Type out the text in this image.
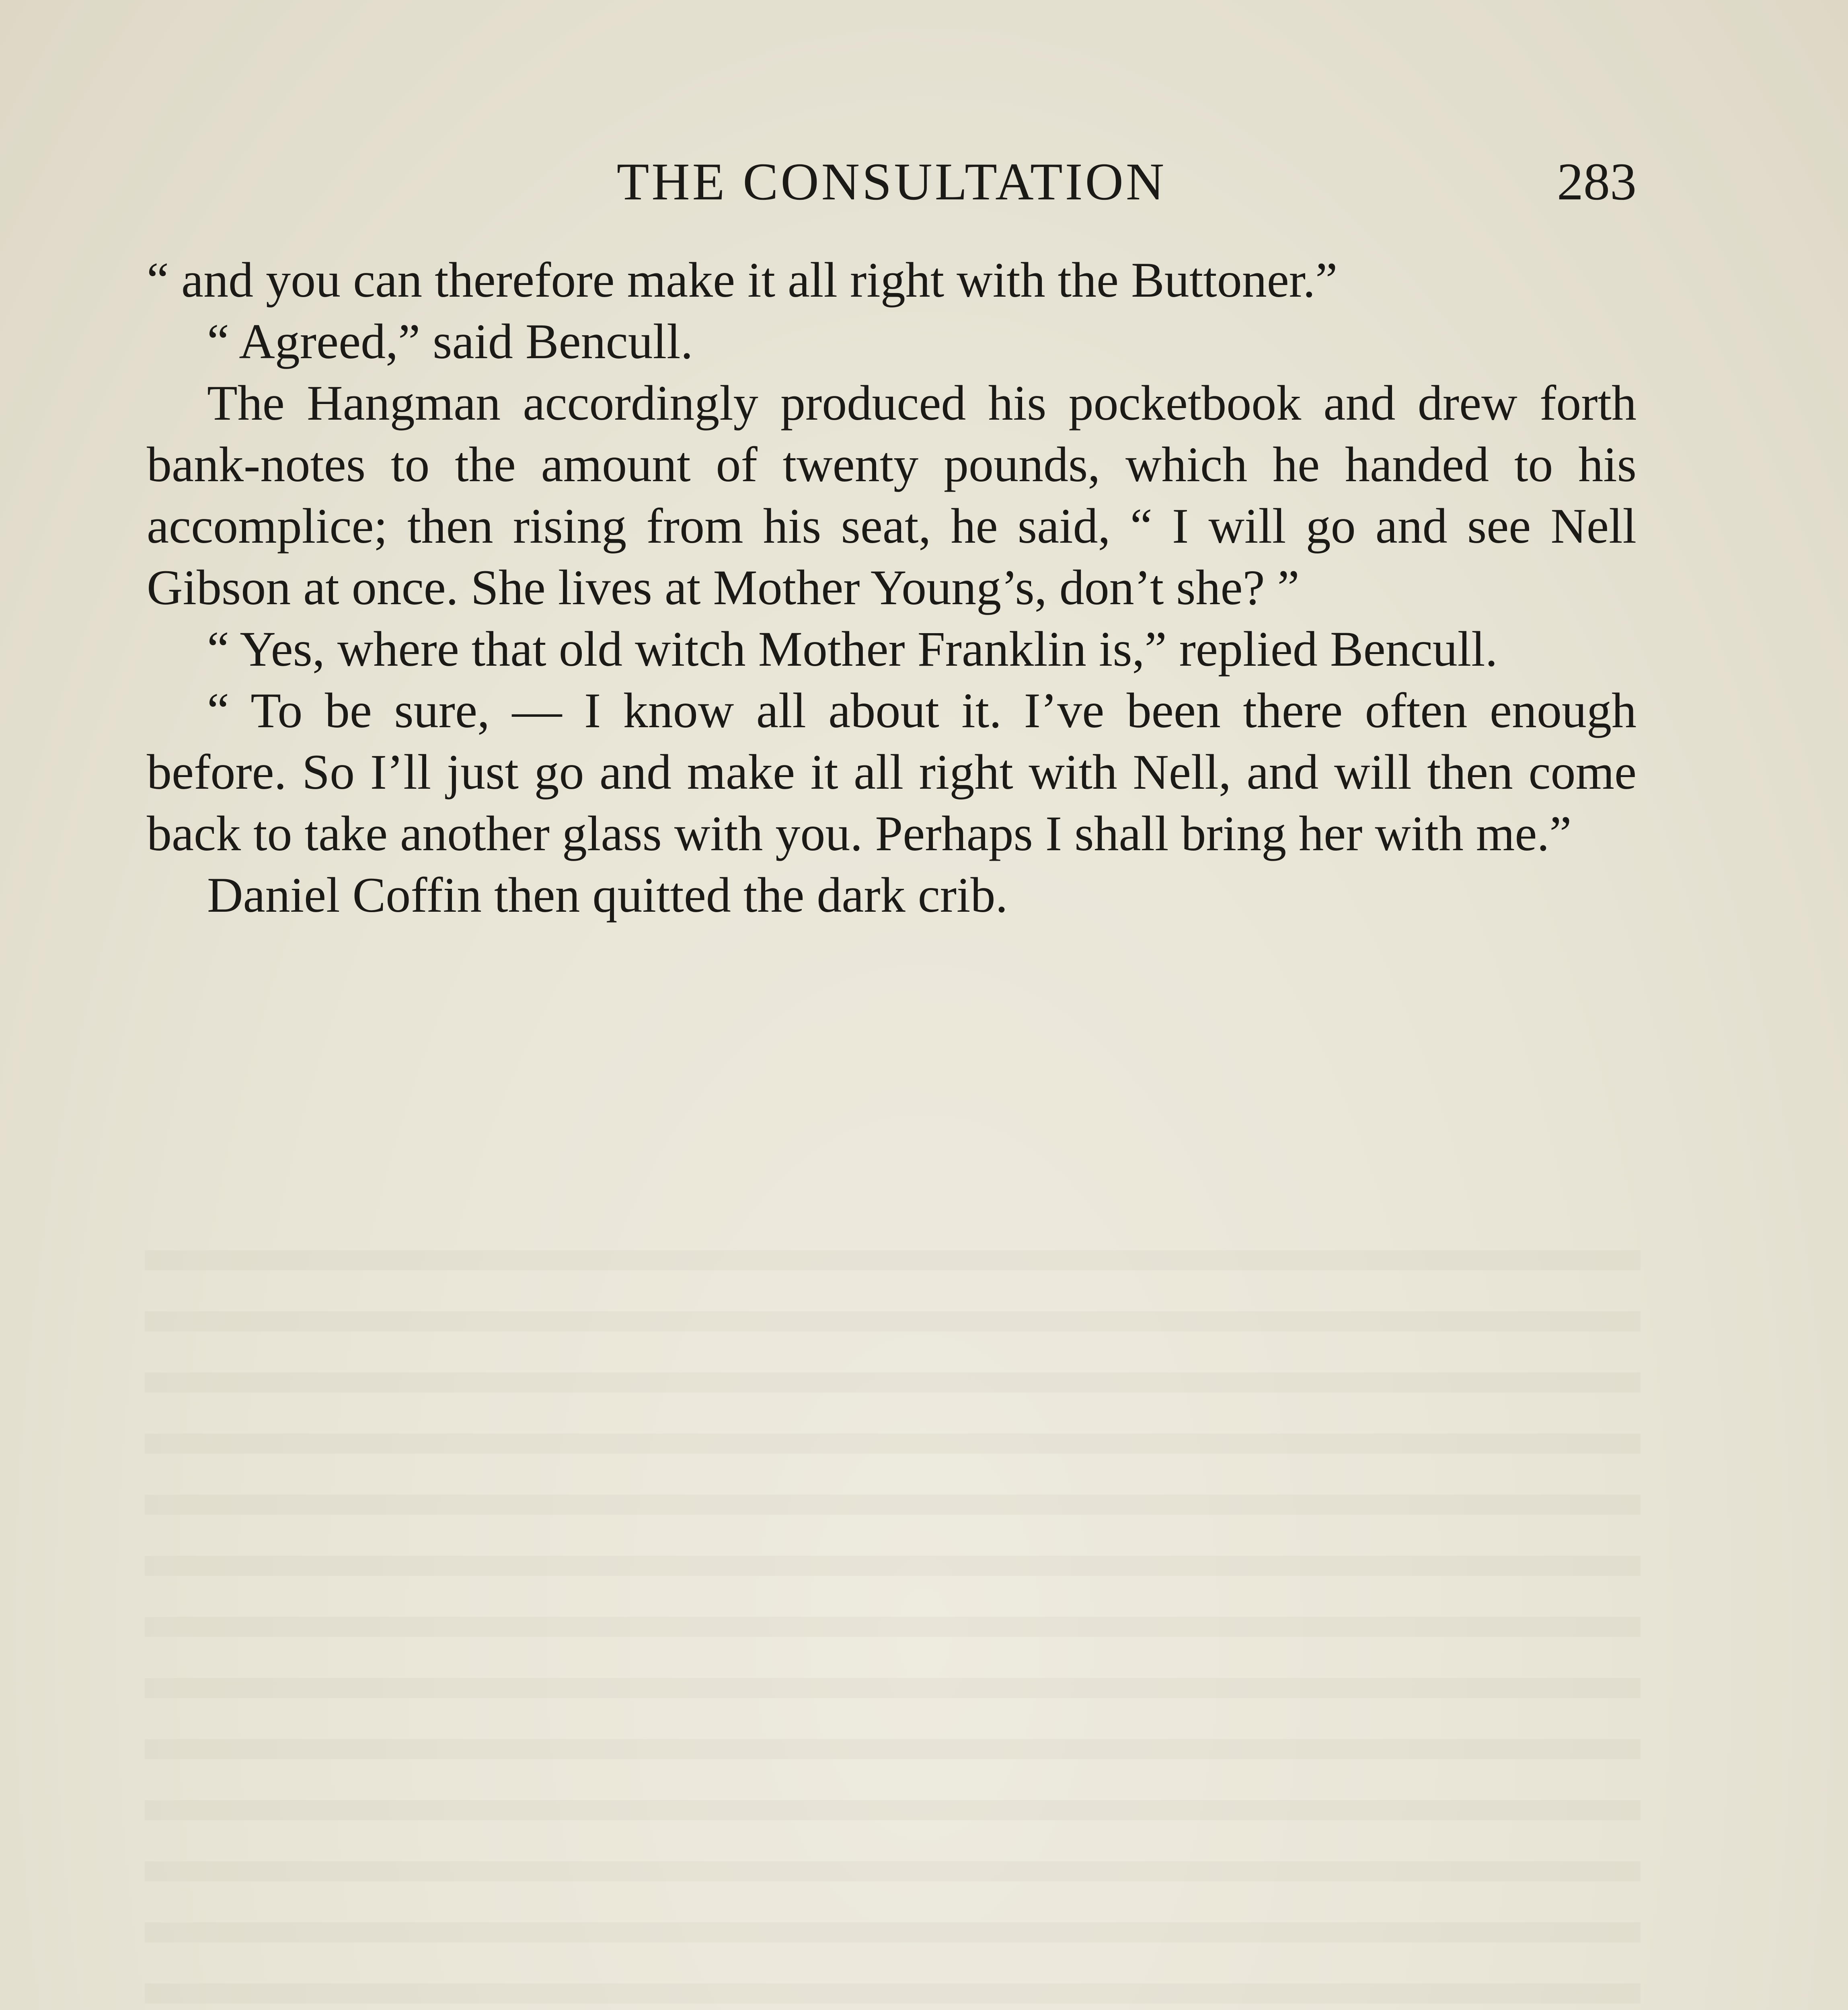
THE CONSULTATION	283

“ and you can therefore make it all right with the Buttoner.”

“ Agreed,” said Bencull.

The Hangman accordingly produced his pocketbook and drew forth bank-notes to the amount of twenty pounds, which he handed to his accomplice; then rising from his seat, he said, “ I will go and see Nell Gibson at once. She lives at Mother Young’s, don’t she? ”

“ Yes, where that old witch Mother Franklin is,” replied Bencull.

“ To be sure, — I know all about it. I’ve been there often enough before. So I’ll just go and make it all right with Nell, and will then come back to take another glass with you. Perhaps I shall bring her with me.”

Daniel Coffin then quitted the dark crib.
